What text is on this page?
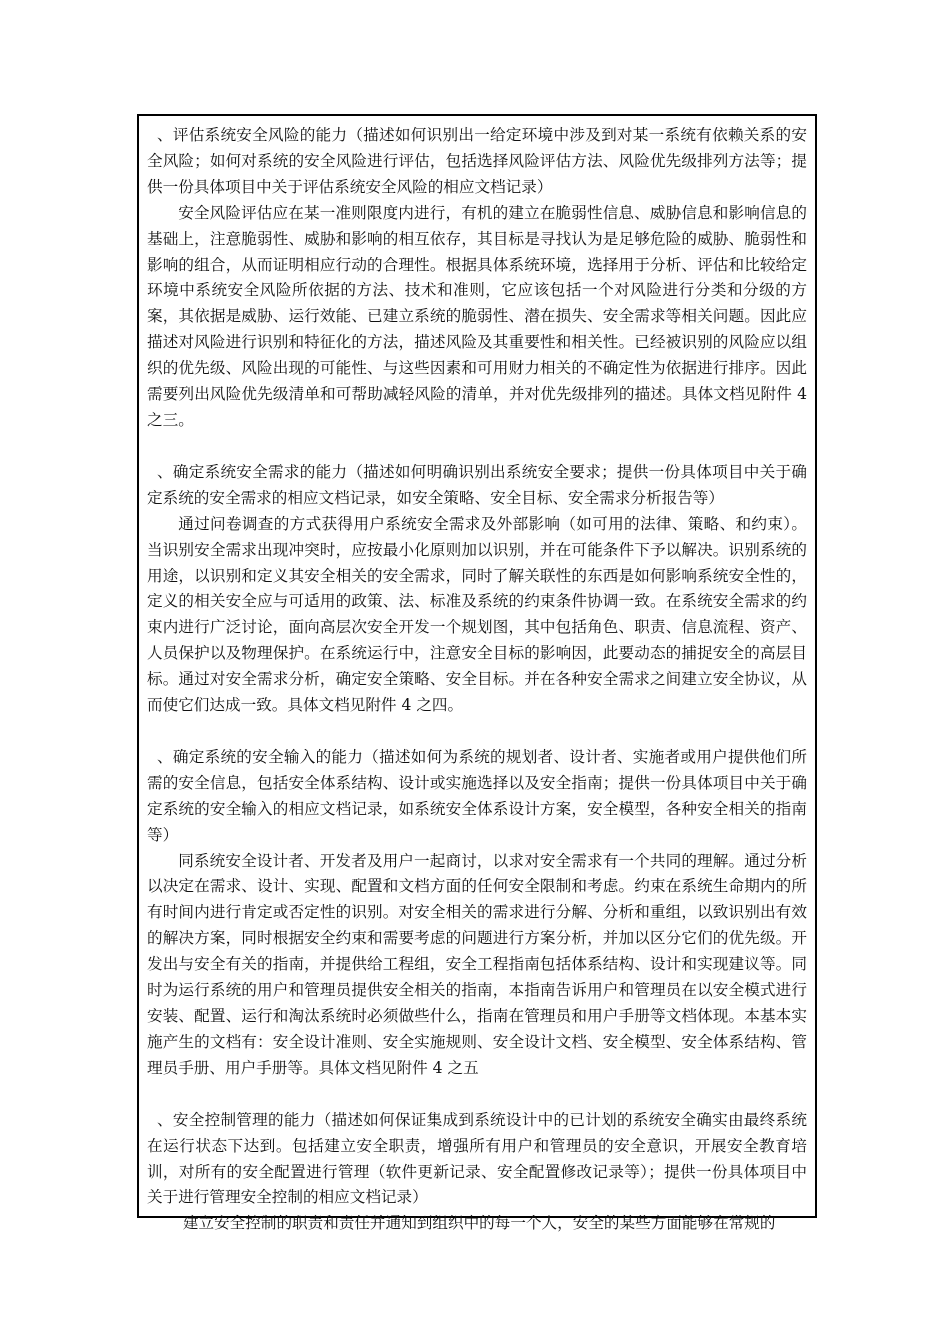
、评估系统安全风险的能力（描述如何识别出一给定环境中涉及到对某一系统有依赖关系的安全风险；如何对系统的安全风险进行评估，包括选择风险评估方法、风险优先级排列方法等；提供一份具体项目中关于评估系统安全风险的相应文档记录）

安全风险评估应在某一准则限度内进行，有机的建立在脆弱性信息、威胁信息和影响信息的基础上，注意脆弱性、威胁和影响的相互依存，其目标是寻找认为是足够危险的威胁、脆弱性和影响的组合，从而证明相应行动的合理性。根据具体系统环境，选择用于分析、评估和比较给定环境中系统安全风险所依据的方法、技术和准则，它应该包括一个对风险进行分类和分级的方案，其依据是威胁、运行效能、已建立系统的脆弱性、潜在损失、安全需求等相关问题。因此应描述对风险进行识别和特征化的方法，描述风险及其重要性和相关性。已经被识别的风险应以组织的优先级、风险出现的可能性、与这些因素和可用财力相关的不确定性为依据进行排序。因此需要列出风险优先级清单和可帮助减轻风险的清单，并对优先级排列的描述。具体文档见附件 4 之三。

、确定系统安全需求的能力（描述如何明确识别出系统安全要求；提供一份具体项目中关于确定系统的安全需求的相应文档记录，如安全策略、安全目标、安全需求分析报告等）

通过问卷调查的方式获得用户系统安全需求及外部影响（如可用的法律、策略、和约束）。当识别安全需求出现冲突时，应按最小化原则加以识别，并在可能条件下予以解决。识别系统的用途，以识别和定义其安全相关的安全需求，同时了解关联性的东西是如何影响系统安全性的，定义的相关安全应与可适用的政策、法、标准及系统的约束条件协调一致。在系统安全需求的约束内进行广泛讨论，面向高层次安全开发一个规划图，其中包括角色、职责、信息流程、资产、人员保护以及物理保护。在系统运行中，注意安全目标的影响因，此要动态的捕捉安全的高层目标。通过对安全需求分析，确定安全策略、安全目标。并在各种安全需求之间建立安全协议，从而使它们达成一致。具体文档见附件 4 之四。

、确定系统的安全输入的能力（描述如何为系统的规划者、设计者、实施者或用户提供他们所需的安全信息，包括安全体系结构、设计或实施选择以及安全指南；提供一份具体项目中关于确定系统的安全输入的相应文档记录，如系统安全体系设计方案，安全模型，各种安全相关的指南等）

同系统安全设计者、开发者及用户一起商讨，以求对安全需求有一个共同的理解。通过分析以决定在需求、设计、实现、配置和文档方面的任何安全限制和考虑。约束在系统生命期内的所有时间内进行肯定或否定性的识别。对安全相关的需求进行分解、分析和重组，以致识别出有效的解决方案，同时根据安全约束和需要考虑的问题进行方案分析，并加以区分它们的优先级。开发出与安全有关的指南，并提供给工程组，安全工程指南包括体系结构、设计和实现建议等。同时为运行系统的用户和管理员提供安全相关的指南，本指南告诉用户和管理员在以安全模式进行安装、配置、运行和淘汰系统时必须做些什么，指南在管理员和用户手册等文档体现。本基本实施产生的文档有：安全设计准则、安全实施规则、安全设计文档、安全模型、安全体系结构、管理员手册、用户手册等。具体文档见附件 4 之五

、安全控制管理的能力（描述如何保证集成到系统设计中的已计划的系统安全确实由最终系统在运行状态下达到。包括建立安全职责，增强所有用户和管理员的安全意识，开展安全教育培训，对所有的安全配置进行管理（软件更新记录、安全配置修改记录等）；提供一份具体项目中关于进行管理安全控制的相应文档记录）

建立安全控制的职责和责任并通知到组织中的每一个人，安全的某些方面能够在常规的
